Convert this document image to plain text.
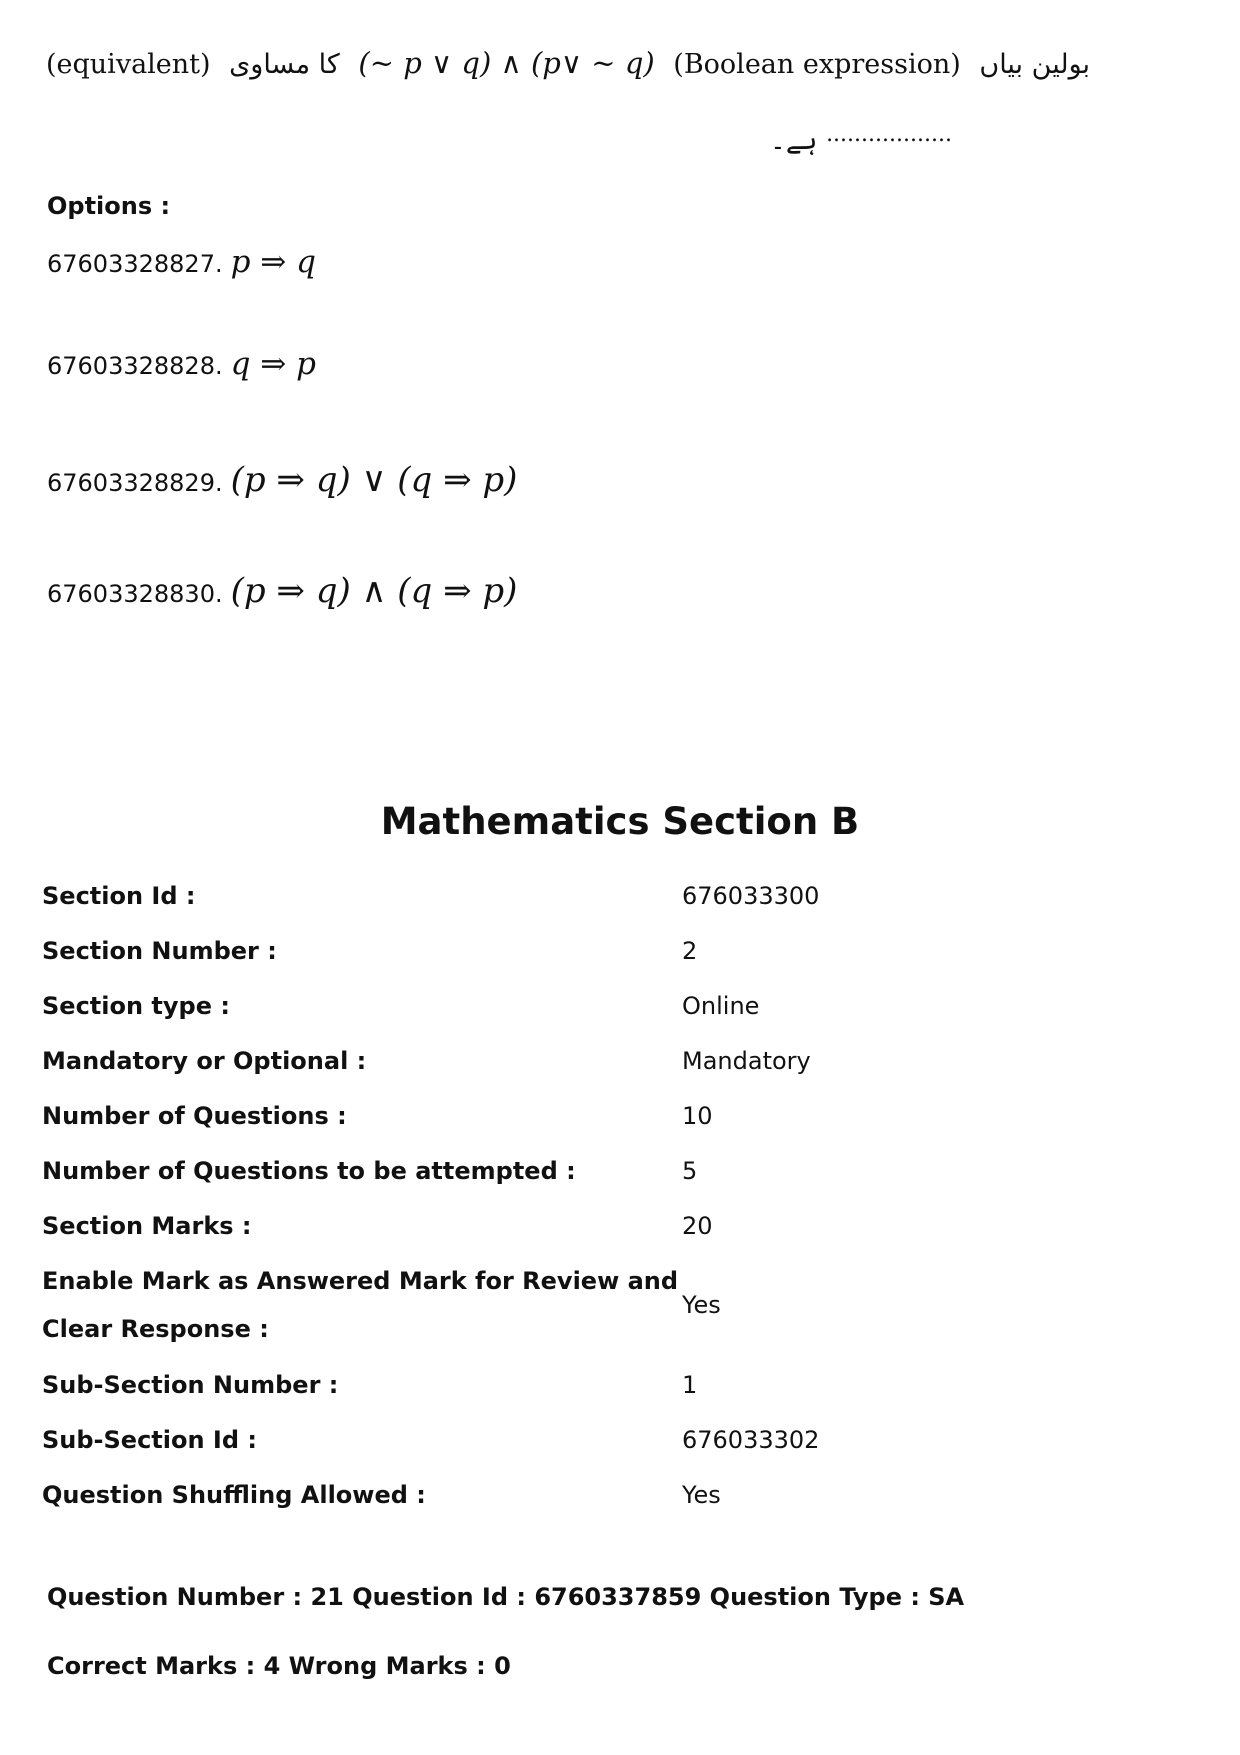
(equivalent) کا مساوی (~ p ∨ q) ∧ (p∨ ~ q) (Boolean expression) بولین بیاں
ہے۔ ..................
Options :
67603328827. p ⇒ q
67603328828. q ⇒ p
67603328829. (p ⇒ q) ∨ (q ⇒ p)
67603328830. (p ⇒ q) ∧ (q ⇒ p)
Mathematics Section B
Section Id :	676033300
Section Number :	2
Section type :	Online
Mandatory or Optional :	Mandatory
Number of Questions :	10
Number of Questions to be attempted :	5
Section Marks :	20
Enable Mark as Answered Mark for Review and Clear Response :
Yes
Sub-Section Number :	1
Sub-Section Id :	676033302
Question Shuffling Allowed :	Yes
Question Number : 21 Question Id : 6760337859 Question Type : SA
Correct Marks : 4 Wrong Marks : 0
